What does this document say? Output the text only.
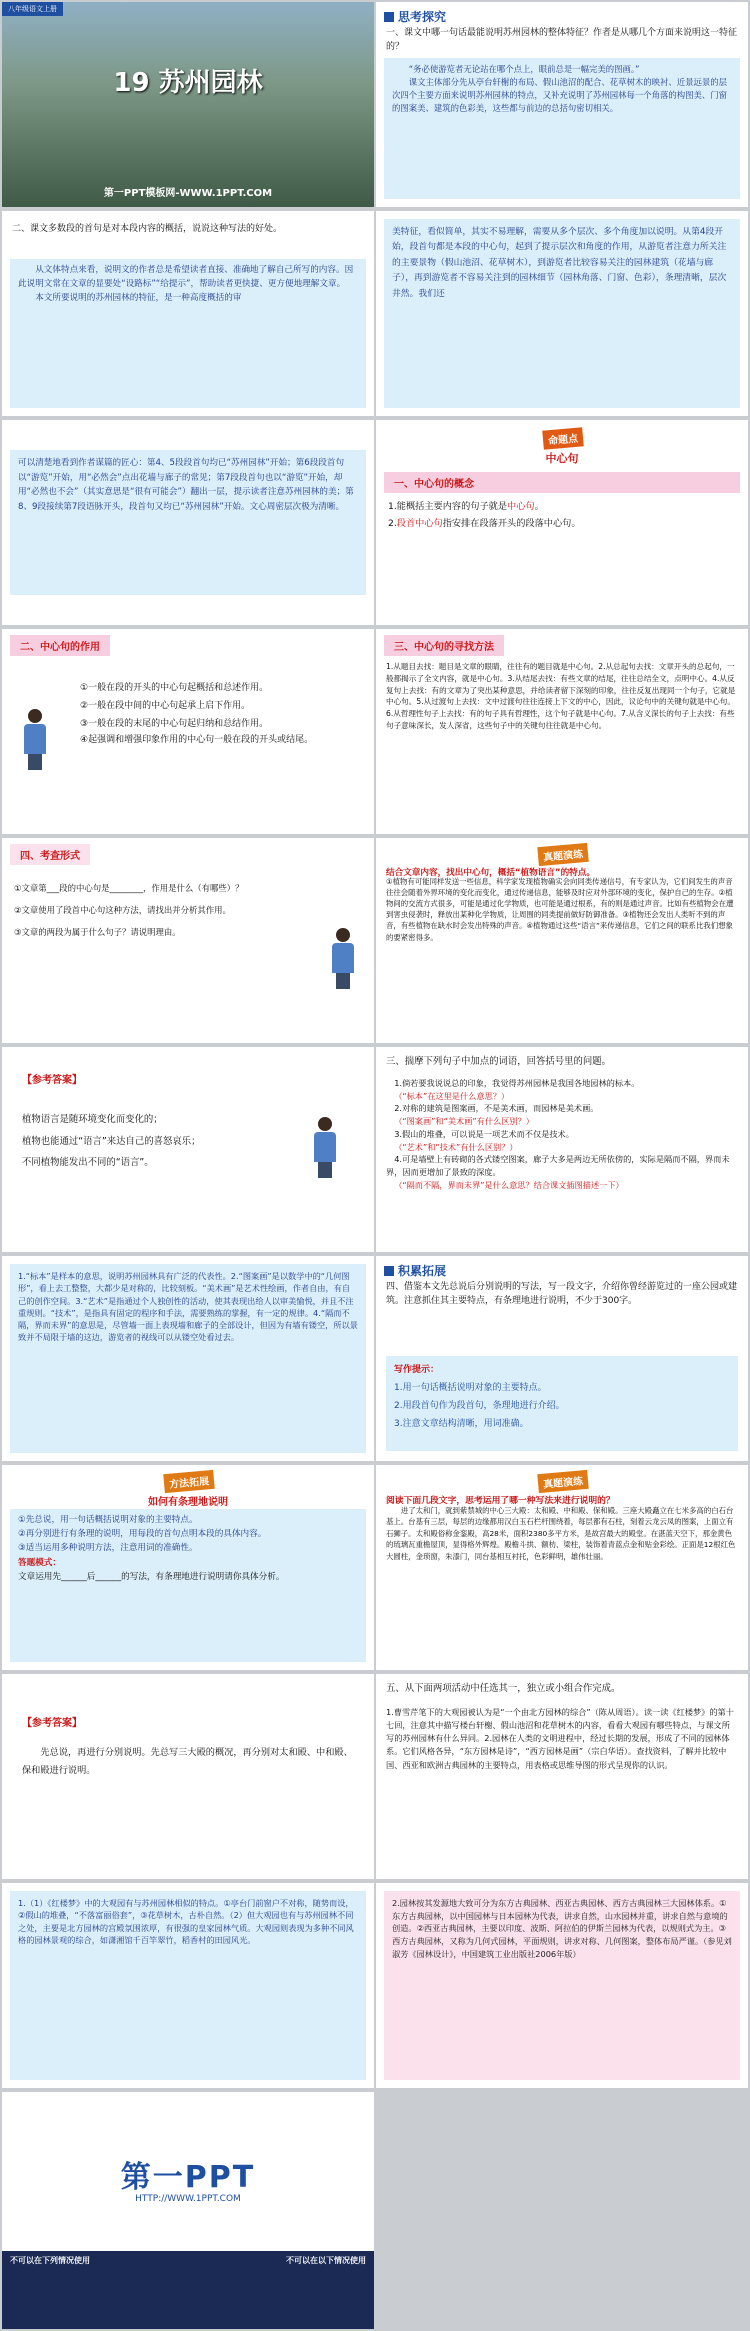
八年级语文上册
19 苏州园林
第一PPT模板网-WWW.1PPT.COM
思考探究
一、课文中哪一句话最能说明苏州园林的整体特征？作者是从哪几个方面来说明这一特征的？
“务必使游览者无论站在哪个点上，眼前总是一幅完美的图画。”
课文主体部分先从亭台轩榭的布局、假山池沼的配合、花草树木的映衬、近景远景的层次四个主要方面来说明苏州园林的特点，又补充说明了苏州园林每一个角落的构图美、门窗的图案美、建筑的色彩美，这些都与前边的总括句密切相关。
二、课文多数段的首句是对本段内容的概括，说说这种写法的好处。
从文体特点来看，说明文的作者总是希望读者直接、准确地了解自己所写的内容。因此说明文常在文章的显要处“设路标”“给提示”，帮助读者更快捷、更方便地理解文章。
本文所要说明的苏州园林的特征，是一种高度概括的审
美特征，看似简单，其实不易理解，需要从多个层次、多个角度加以说明。从第4段开始，段首句都是本段的中心句，起到了提示层次和角度的作用，从游览者注意力所关注的主要景物（假山池沼、花草树木），到游览者比较容易关注的园林建筑（花墙与廊子），再到游览者不容易关注到的园林细节（园林角落、门窗、色彩），条理清晰，层次井然。我们还
可以清楚地看到作者谋篇的匠心：第4、5段段首句均已“苏州园林”开始；第6段段首句以“游览”开始，用“必然会”点出花墙与廊子的常见；第7段段首句也以“游览”开始，却用“必然也不会”（其实意思是“很有可能会”）翻出一层，提示读者注意苏州园林的美；第8、9段接续第7段语脉开头，段首句又均已“苏州园林”开始。文心周密层次极为清晰。
命题点
中心句
一、中心句的概念
1.能概括主要内容的句子就是中心句。
2.段首中心句指安排在段落开头的段落中心句。
二、中心句的作用
①一般在段的开头的中心句起概括和总述作用。
②一般在段中间的中心句起承上启下作用。
③一般在段的末尾的中心句起归纳和总结作用。
④起强调和增强印象作用的中心句一般在段的开头或结尾。
三、中心句的寻找方法
1.从题目去找：题目是文章的眼睛，往往有的题目就是中心句。2.从总起句去找：文章开头的总起句，一般都揭示了全文内容，就是中心句。3.从结尾去找：有些文章的结尾，往往总结全文，点明中心。4.从反复句上去找：有的文章为了突出某种意思，并给读者留下深刻的印象，往往反复出现同一个句子，它就是中心句。5.从过渡句上去找：文中过渡句往往连接上下文的中心，因此，议论句中的关键句就是中心句。6.从哲理性句子上去找：有的句子具有哲理性，这个句子就是中心句。7.从含义深长的句子上去找：有些句子意味深长，发人深省，这些句子中的关键句往往就是中心句。
四、考查形式
①文章第___段的中心句是________，作用是什么（有哪些）？
②文章使用了段首中心句这种方法，请找出并分析其作用。
③文章的两段为属于什么句子？请说明理由。
真题演练
结合文章内容，找出中心句，概括“植物语言”的特点。
①植物有可能同样发送一些信息，科学家发现植物确实会向同类传递信号，有专家认为，它们间发生的声音往往会随着外界环境的变化而变化，通过传递信息，能够及时应对外部环境的变化，保护自己的生存。②植物间的交流方式很多，可能是通过化学物质，也可能是通过根系，有的则是通过声音。比如有些植物会在遭到害虫侵袭时，释放出某种化学物质，让周围的同类提前做好防御准备。③植物还会发出人类听不到的声音，有些植物在缺水时会发出特殊的声音。④植物通过这些“语言”来传递信息，它们之间的联系比我们想象的要紧密得多。
【参考答案】
植物语言是随环境变化而变化的；
植物也能通过“语言”来达自己的喜怒哀乐；
不同植物能发出不同的“语言”。
三、揣摩下列句子中加点的词语，回答括号里的问题。
1.倘若要我说说总的印象，我觉得苏州园林是我国各地园林的标本。
（“标本”在这里是什么意思？）
2.对称的建筑是图案画，不是美术画，而园林是美术画。
（“图案画”和“美术画”有什么区别？）
3.假山的堆叠，可以说是一项艺术而不仅是技术。
（“艺术”和“技术”有什么区别？）
4.可是墙壁上有砖砌的各式镂空图案，廊子大多是两边无所依傍的，实际是隔而不隔，界而未界，因而更增加了景致的深度。
（“隔而不隔，界而未界”是什么意思？结合课文插图描述一下）
1.“标本”是样本的意思，说明苏州园林具有广泛的代表性。2.“图案画”是以数学中的“几何图形”，看上去工整整，大都少是对称的，比较刻板。“美术画”是艺术性绘画，作者自由，有自己的创作空间。3.“艺术”是指通过个人独创性的活动，使其表现出给人以审美愉悦，并且不注重规则。“技术”，是指具有固定的程序和手法，需要熟练的掌握，有一定的规律。4.“隔而不隔，界而未界”的意思是，尽管墙一面上表现墙和廊子的全部设计，但因为有墙有镂空，所以景致并不局限于墙的这边，游览者的视线可以从镂空处看过去。
积累拓展
四、借鉴本文先总说后分别说明的写法，写一段文字，介绍你曾经游览过的一座公园或建筑。注意抓住其主要特点，有条理地进行说明，不少于300字。
写作提示：
1.用一句话概括说明对象的主要特点。
2.用段首句作为段首句，条理地进行介绍。
3.注意文章结构清晰，用词准确。
方法拓展
如何有条理地说明
①先总说，用一句话概括说明对象的主要特点。
②再分别进行有条理的说明，用每段的首句点明本段的具体内容。
③适当运用多种说明方法，注意用词的准确性。
答题模式：
文章运用先______后______的写法，有条理地进行说明请你具体分析。
真题演练
阅读下面几段文字，思考运用了哪一种写法来进行说明的？
进了太和门，就到紫禁城的中心三大殿：太和殿、中和殿、保和殿。三座大殿矗立在七米多高的白石台基上。台基有三层，每层的边缘都用汉白玉石栏杆围绕着，每层都有石柱，刻着云龙云凤的图案，上面立有石狮子。太和殿俗称金銮殿，高28米，面积2380多平方米，是故宫最大的殿堂。在湛蓝天空下，那金黄色的琉璃瓦重檐屋顶，显得格外辉煌。殿檐斗拱、额枋、梁柱，装饰着青蓝点金和贴金彩绘。正面是12根红色大圆柱，金琐窗，朱漆门，同台基相互衬托，色彩鲜明，雄伟壮丽。
【参考答案】
先总说，再进行分别说明。先总写三大殿的概况，再分别对太和殿、中和殿、保和殿进行说明。
五、从下面两项活动中任选其一，独立或小组合作完成。
1.曹雪芹笔下的大观园被认为是“一个由北方园林的综合”（陈从周语）。读一读《红楼梦》的第十七回，注意其中描写楼台轩榭、假山池沼和花草树木的内容，看看大观园有哪些特点，与课文所写的苏州园林有什么异同。2.园林在人类的文明进程中，经过长期的发展，形成了不同的园林体系。它们风格各异，“东方园林是诗”，“西方园林是画”（宗白华语）。查找资料，了解并比较中国、西亚和欧洲古典园林的主要特点，用表格或思维导图的形式呈现你的认识。
1.（1）《红楼梦》中的大观园有与苏州园林相似的特点。①亭台门前窗户不对称，随势而设，②假山的堆叠，“不落富丽俗套”，③花草树木，古朴自然。（2）但大观园也有与苏州园林不同之处，主要是北方园林的宫殿氛围浓厚，有很强的皇家园林气质。大观园则表现为多种不同风格的园林景观的综合，如潇湘馆千百竿翠竹，稻香村的田园风光。
2.园林按其发源地大致可分为东方古典园林、西亚古典园林、西方古典园林三大园林体系。①东方古典园林，以中国园林与日本园林为代表，讲求自然，山水园林并重，讲求自然与意境的创造。②西亚古典园林，主要以印度、波斯、阿拉伯的伊斯兰园林为代表，以规则式为主。③西方古典园林，又称为几何式园林，平面规则，讲求对称、几何图案，整体布局严谨。（参见刘淑芳《园林设计》，中国建筑工业出版社2006年版）
第一PPT
HTTP://WWW.1PPT.COM
不可以在下列情况使用	不可以在以下情况使用
